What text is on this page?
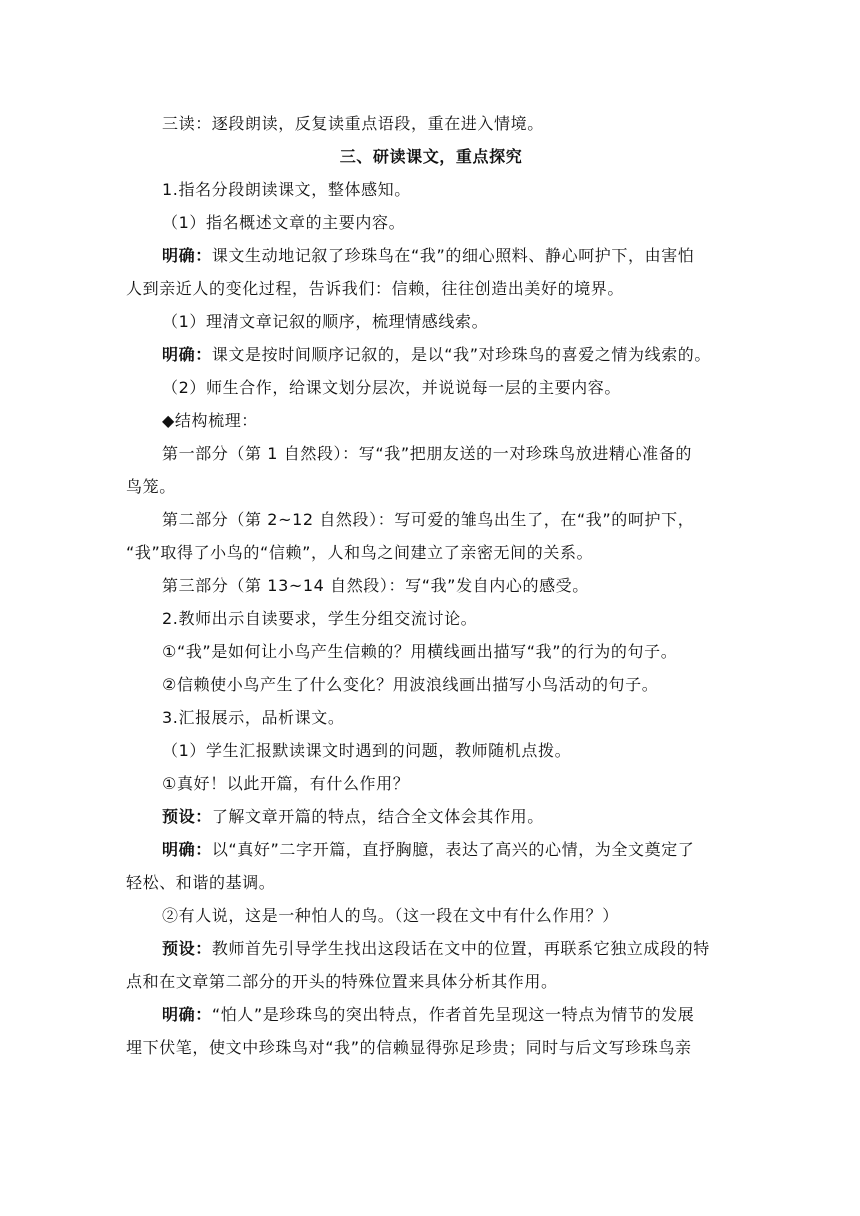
三读：逐段朗读，反复读重点语段，重在进入情境。

三、研读课文，重点探究

1.指名分段朗读课文，整体感知。

（1）指名概述文章的主要内容。

明确：课文生动地记叙了珍珠鸟在“我”的细心照料、静心呵护下，由害怕

人到亲近人的变化过程，告诉我们：信赖，往往创造出美好的境界。

（1）理清文章记叙的顺序，梳理情感线索。

明确：课文是按时间顺序记叙的，是以“我”对珍珠鸟的喜爱之情为线索的。

（2）师生合作，给课文划分层次，并说说每一层的主要内容。

◆结构梳理：

第一部分（第 1 自然段）：写“我”把朋友送的一对珍珠鸟放进精心准备的

鸟笼。

第二部分（第 2~12 自然段）：写可爱的雏鸟出生了，在“我”的呵护下，

“我”取得了小鸟的“信赖”，人和鸟之间建立了亲密无间的关系。

第三部分（第 13~14 自然段）：写“我”发自内心的感受。

2.教师出示自读要求，学生分组交流讨论。

①“我”是如何让小鸟产生信赖的？用横线画出描写“我”的行为的句子。

②信赖使小鸟产生了什么变化？用波浪线画出描写小鸟活动的句子。

3.汇报展示，品析课文。

（1）学生汇报默读课文时遇到的问题，教师随机点拨。

①真好！以此开篇，有什么作用？

预设：了解文章开篇的特点，结合全文体会其作用。

明确：以“真好”二字开篇，直抒胸臆，表达了高兴的心情，为全文奠定了

轻松、和谐的基调。

②有人说，这是一种怕人的鸟。（这一段在文中有什么作用？）

预设：教师首先引导学生找出这段话在文中的位置，再联系它独立成段的特

点和在文章第二部分的开头的特殊位置来具体分析其作用。

明确：“怕人”是珍珠鸟的突出特点，作者首先呈现这一特点为情节的发展

埋下伏笔，使文中珍珠鸟对“我”的信赖显得弥足珍贵；同时与后文写珍珠鸟亲
